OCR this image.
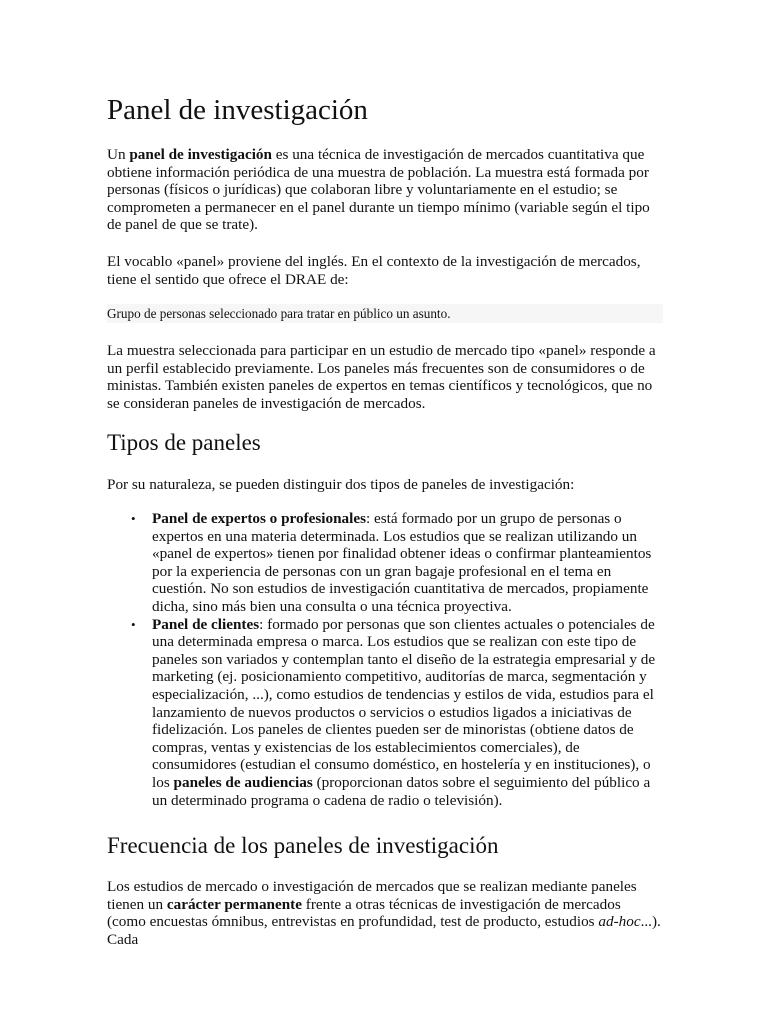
Panel de investigación

Un panel de investigación es una técnica de investigación de mercados cuantitativa que obtiene información periódica de una muestra de población. La muestra está formada por personas (físicos o jurídicas) que colaboran libre y voluntariamente en el estudio; se comprometen a permanecer en el panel durante un tiempo mínimo (variable según el tipo de panel de que se trate).

El vocablo «panel» proviene del inglés. En el contexto de la investigación de mercados, tiene el sentido que ofrece el DRAE de:

Grupo de personas seleccionado para tratar en público un asunto.

La muestra seleccionada para participar en un estudio de mercado tipo «panel» responde a un perfil establecido previamente. Los paneles más frecuentes son de consumidores o de ministas. También existen paneles de expertos en temas científicos y tecnológicos, que no se consideran paneles de investigación de mercados.

Tipos de paneles

Por su naturaleza, se pueden distinguir dos tipos de paneles de investigación:

• Panel de expertos o profesionales: está formado por un grupo de personas o expertos en una materia determinada. Los estudios que se realizan utilizando un «panel de expertos» tienen por finalidad obtener ideas o confirmar planteamientos por la experiencia de personas con un gran bagaje profesional en el tema en cuestión. No son estudios de investigación cuantitativa de mercados, propiamente dicha, sino más bien una consulta o una técnica proyectiva.
• Panel de clientes: formado por personas que son clientes actuales o potenciales de una determinada empresa o marca. Los estudios que se realizan con este tipo de paneles son variados y contemplan tanto el diseño de la estrategia empresarial y de marketing (ej. posicionamiento competitivo, auditorías de marca, segmentación y especialización, ...), como estudios de tendencias y estilos de vida, estudios para el lanzamiento de nuevos productos o servicios o estudios ligados a iniciativas de fidelización. Los paneles de clientes pueden ser de minoristas (obtiene datos de compras, ventas y existencias de los establecimientos comerciales), de consumidores (estudian el consumo doméstico, en hostelería y en instituciones), o los paneles de audiencias (proporcionan datos sobre el seguimiento del público a un determinado programa o cadena de radio o televisión).
Frecuencia de los paneles de investigación

Los estudios de mercado o investigación de mercados que se realizan mediante paneles tienen un carácter permanente frente a otras técnicas de investigación de mercados (como encuestas ómnibus, entrevistas en profundidad, test de producto, estudios ad-hoc...). Cada
